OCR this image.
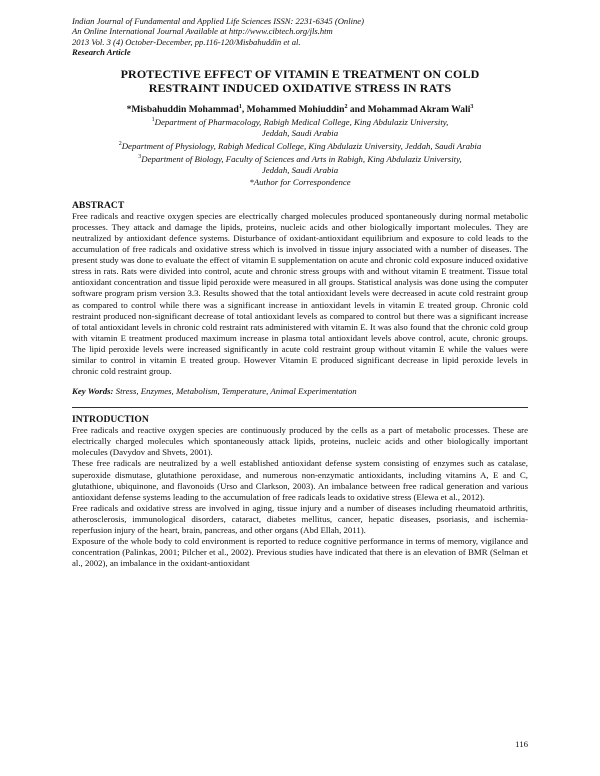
Indian Journal of Fundamental and Applied Life Sciences ISSN: 2231-6345 (Online)
An Online International Journal Available at http://www.cibtech.org/jls.htm
2013 Vol. 3 (4) October-December, pp.116-120/Misbahuddin et al.
Research Article
PROTECTIVE EFFECT OF VITAMIN E TREATMENT ON COLD
RESTRAINT INDUCED OXIDATIVE STRESS IN RATS
*Misbahuddin Mohammad$^1$, Mohammed Mohiuddin$^2$ and Mohammad Akram Wali$^3$
$^1$Department of Pharmacology, Rabigh Medical College, King Abdulaziz University,
Jeddah, Saudi Arabia
$^2$Department of Physiology, Rabigh Medical College, King Abdulaziz University, Jeddah, Saudi Arabia
$^3$Department of Biology, Faculty of Sciences and Arts in Rabigh, King Abdulaziz University,
Jeddah, Saudi Arabia
*Author for Correspondence
ABSTRACT

Free radicals and reactive oxygen species are electrically charged molecules produced spontaneously during normal metabolic processes. They attack and damage the lipids, proteins, nucleic acids and other biologically important molecules. They are neutralized by antioxidant defence systems. Disturbance of oxidant-antioxidant equilibrium and exposure to cold leads to the accumulation of free radicals and oxidative stress which is involved in tissue injury associated with a number of diseases. The present study was done to evaluate the effect of vitamin E supplementation on acute and chronic cold exposure induced oxidative stress in rats. Rats were divided into control, acute and chronic stress groups with and without vitamin E treatment. Tissue total antioxidant concentration and tissue lipid peroxide were measured in all groups. Statistical analysis was done using the computer software program prism version 3.3. Results showed that the total antioxidant levels were decreased in acute cold restraint group as compared to control while there was a significant increase in antioxidant levels in vitamin E treated group. Chronic cold restraint produced non-significant decrease of total antioxidant levels as compared to control but there was a significant increase of total antioxidant levels in chronic cold restraint rats administered with vitamin E. It was also found that the chronic cold group with vitamin E treatment produced maximum increase in plasma total antioxidant levels above control, acute, chronic groups. The lipid peroxide levels were increased significantly in acute cold restraint group without vitamin E while the values were similar to control in vitamin E treated group. However Vitamin E produced significant decrease in lipid peroxide levels in chronic cold restraint group.

Key Words: Stress, Enzymes, Metabolism, Temperature, Animal Experimentation
INTRODUCTION

Free radicals and reactive oxygen species are continuously produced by the cells as a part of metabolic processes. These are electrically charged molecules which spontaneously attack lipids, proteins, nucleic acids and other biologically important molecules (Davydov and Shvets, 2001).

These free radicals are neutralized by a well established antioxidant defense system consisting of enzymes such as catalase, superoxide dismutase, glutathione peroxidase, and numerous non-enzymatic antioxidants, including vitamins A, E and C, glutathione, ubiquinone, and flavonoids (Urso and Clarkson, 2003). An imbalance between free radical generation and various antioxidant defense systems leading to the accumulation of free radicals leads to oxidative stress (Elewa et al., 2012).

Free radicals and oxidative stress are involved in aging, tissue injury and a number of diseases including rheumatoid arthritis, atherosclerosis, immunological disorders, cataract, diabetes mellitus, cancer, hepatic diseases, psoriasis, and ischemia-reperfusion injury of the heart, brain, pancreas, and other organs (Abd Ellah, 2011).

Exposure of the whole body to cold environment is reported to reduce cognitive performance in terms of memory, vigilance and concentration (Palinkas, 2001; Pilcher et al., 2002). Previous studies have indicated that there is an elevation of BMR (Selman et al., 2002), an imbalance in the oxidant-antioxidant

116
